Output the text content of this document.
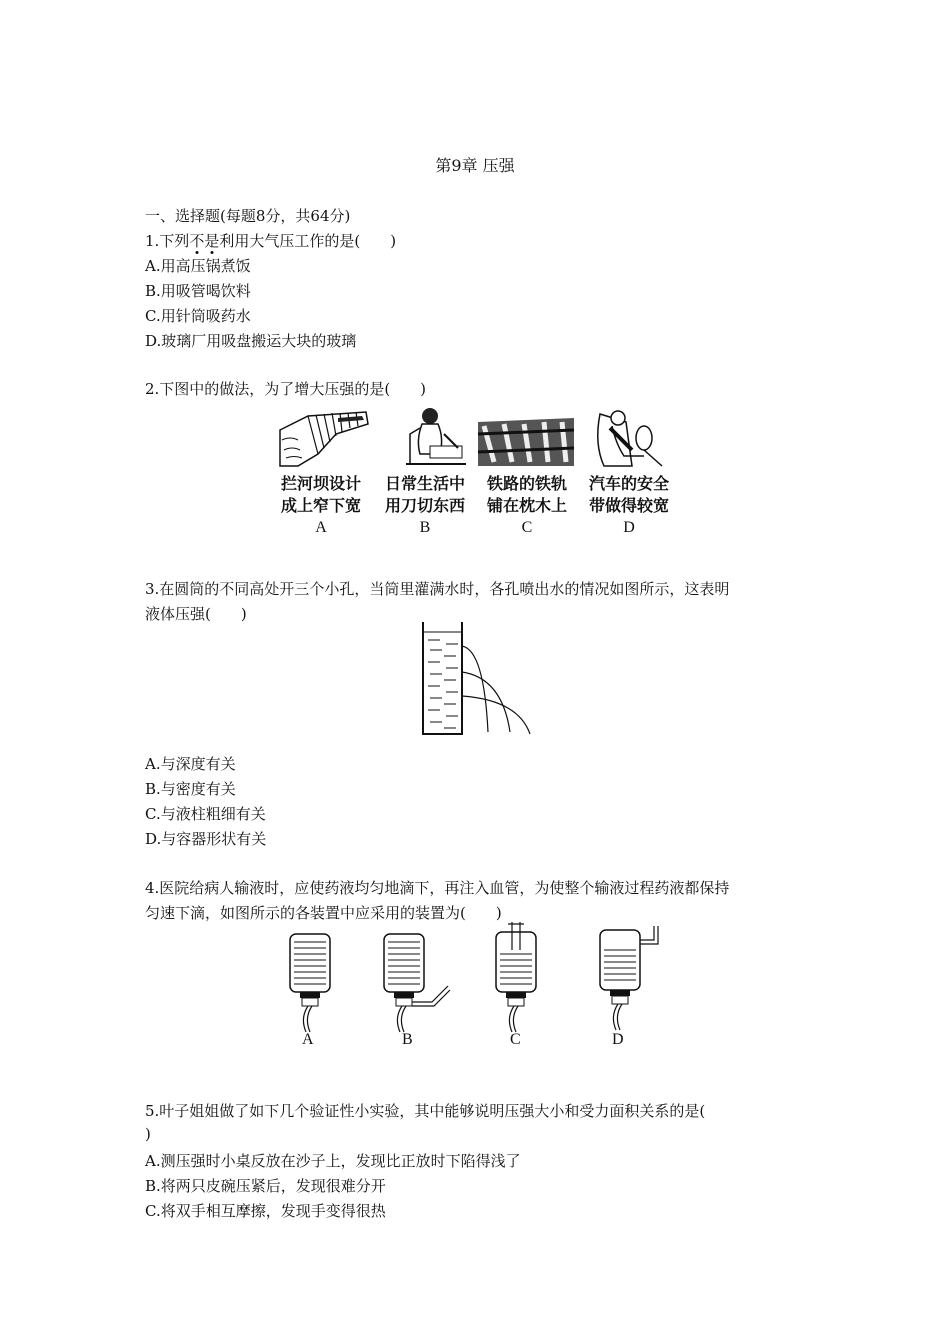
第9章 压强
一、选择题(每题8分，共64分)
1.下列不是利用大气压工作的是(　　)
A.用高压锅煮饭
B.用吸管喝饮料
C.用针筒吸药水
D.玻璃厂用吸盘搬运大块的玻璃
2.下图中的做法，为了增大压强的是(　　)
拦河坝设计
成上窄下宽
A
日常生活中
用刀切东西
B
铁路的铁轨
铺在枕木上
C
汽车的安全
带做得较宽
D
3.在圆筒的不同高处开三个小孔，当筒里灌满水时，各孔喷出水的情况如图所示，这表明
液体压强(　　)
A.与深度有关
B.与密度有关
C.与液柱粗细有关
D.与容器形状有关
4.医院给病人输液时，应使药液均匀地滴下，再注入血管，为使整个输液过程药液都保持
匀速下滴，如图所示的各装置中应采用的装置为(　　)
A	B	C	D
5.叶子姐姐做了如下几个验证性小实验，其中能够说明压强大小和受力面积关系的是(
)
A.测压强时小桌反放在沙子上，发现比正放时下陷得浅了
B.将两只皮碗压紧后，发现很难分开
C.将双手相互摩擦，发现手变得很热
